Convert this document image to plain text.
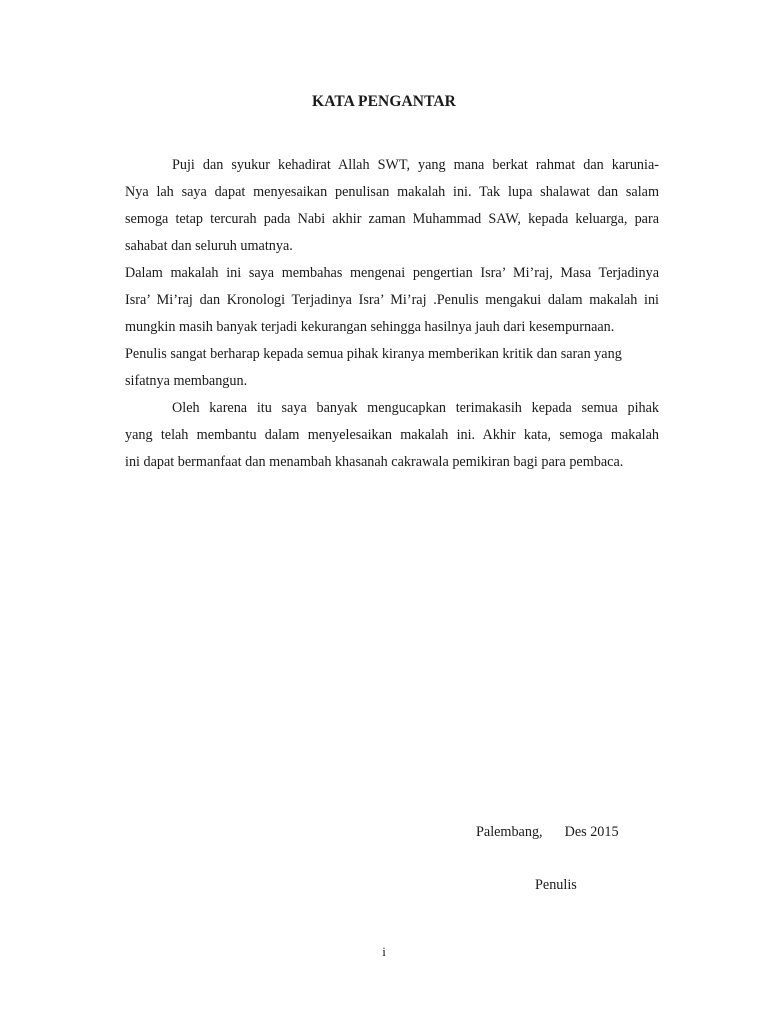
KATA PENGANTAR
Puji dan syukur kehadirat Allah SWT, yang mana berkat rahmat dan karunia-
Nya lah saya dapat menyesaikan penulisan makalah ini. Tak lupa shalawat dan salam
semoga tetap tercurah pada Nabi akhir zaman Muhammad SAW, kepada keluarga, para
sahabat dan seluruh umatnya.
Dalam makalah ini saya membahas mengenai pengertian Isra’ Mi’raj, Masa Terjadinya
Isra’ Mi’raj dan Kronologi Terjadinya Isra’ Mi’raj .Penulis mengakui dalam makalah ini
mungkin masih banyak terjadi kekurangan sehingga hasilnya jauh dari kesempurnaan.
Penulis sangat berharap kepada semua pihak kiranya memberikan kritik dan saran yang
sifatnya membangun.
Oleh karena itu saya banyak mengucapkan terimakasih kepada semua pihak
yang telah membantu dalam menyelesaikan makalah ini. Akhir kata, semoga makalah
ini dapat bermanfaat dan menambah khasanah cakrawala pemikiran bagi para pembaca.
Palembang, Des 2015
Penulis
i
